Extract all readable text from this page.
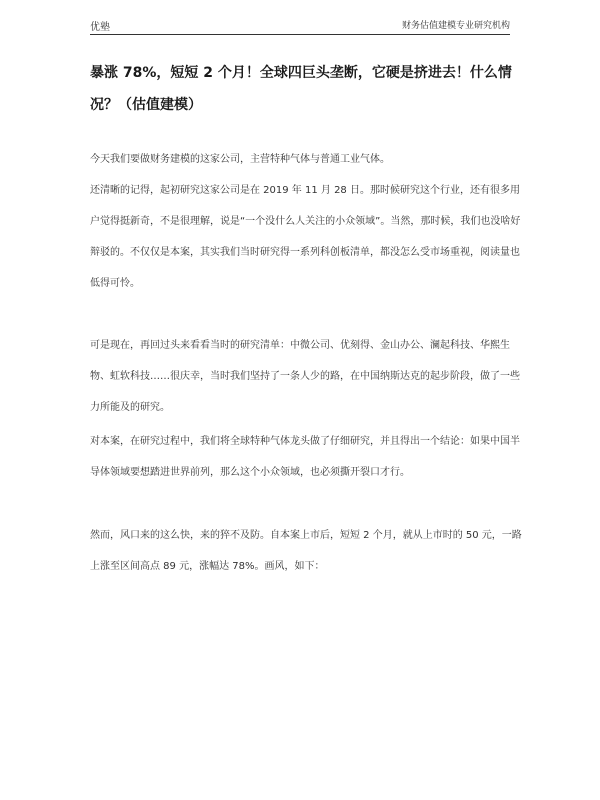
优塾	财务估值建模专业研究机构
暴涨 78%，短短 2 个月！全球四巨头垄断，它硬是挤进去！什么情况？（估值建模）

今天我们要做财务建模的这家公司，主营特种气体与普通工业气体。

还清晰的记得，起初研究这家公司是在 2019 年 11 月 28 日。那时候研究这个行业，还有很多用户觉得挺新奇，不是很理解，说是“一个没什么人关注的小众领域”。当然，那时候，我们也没啥好辩驳的。不仅仅是本案，其实我们当时研究得一系列科创板清单，都没怎么受市场重视，阅读量也低得可怜。

可是现在，再回过头来看看当时的研究清单：中微公司、优刻得、金山办公、澜起科技、华熙生物、虹软科技……很庆幸，当时我们坚持了一条人少的路，在中国纳斯达克的起步阶段，做了一些力所能及的研究。

对本案，在研究过程中，我们将全球特种气体龙头做了仔细研究，并且得出一个结论：如果中国半导体领域要想踏进世界前列，那么这个小众领域，也必须撕开裂口才行。

然而，风口来的这么快，来的猝不及防。自本案上市后，短短 2 个月，就从上市时的 50 元，一路上涨至区间高点 89 元，涨幅达 78%。画风，如下：
